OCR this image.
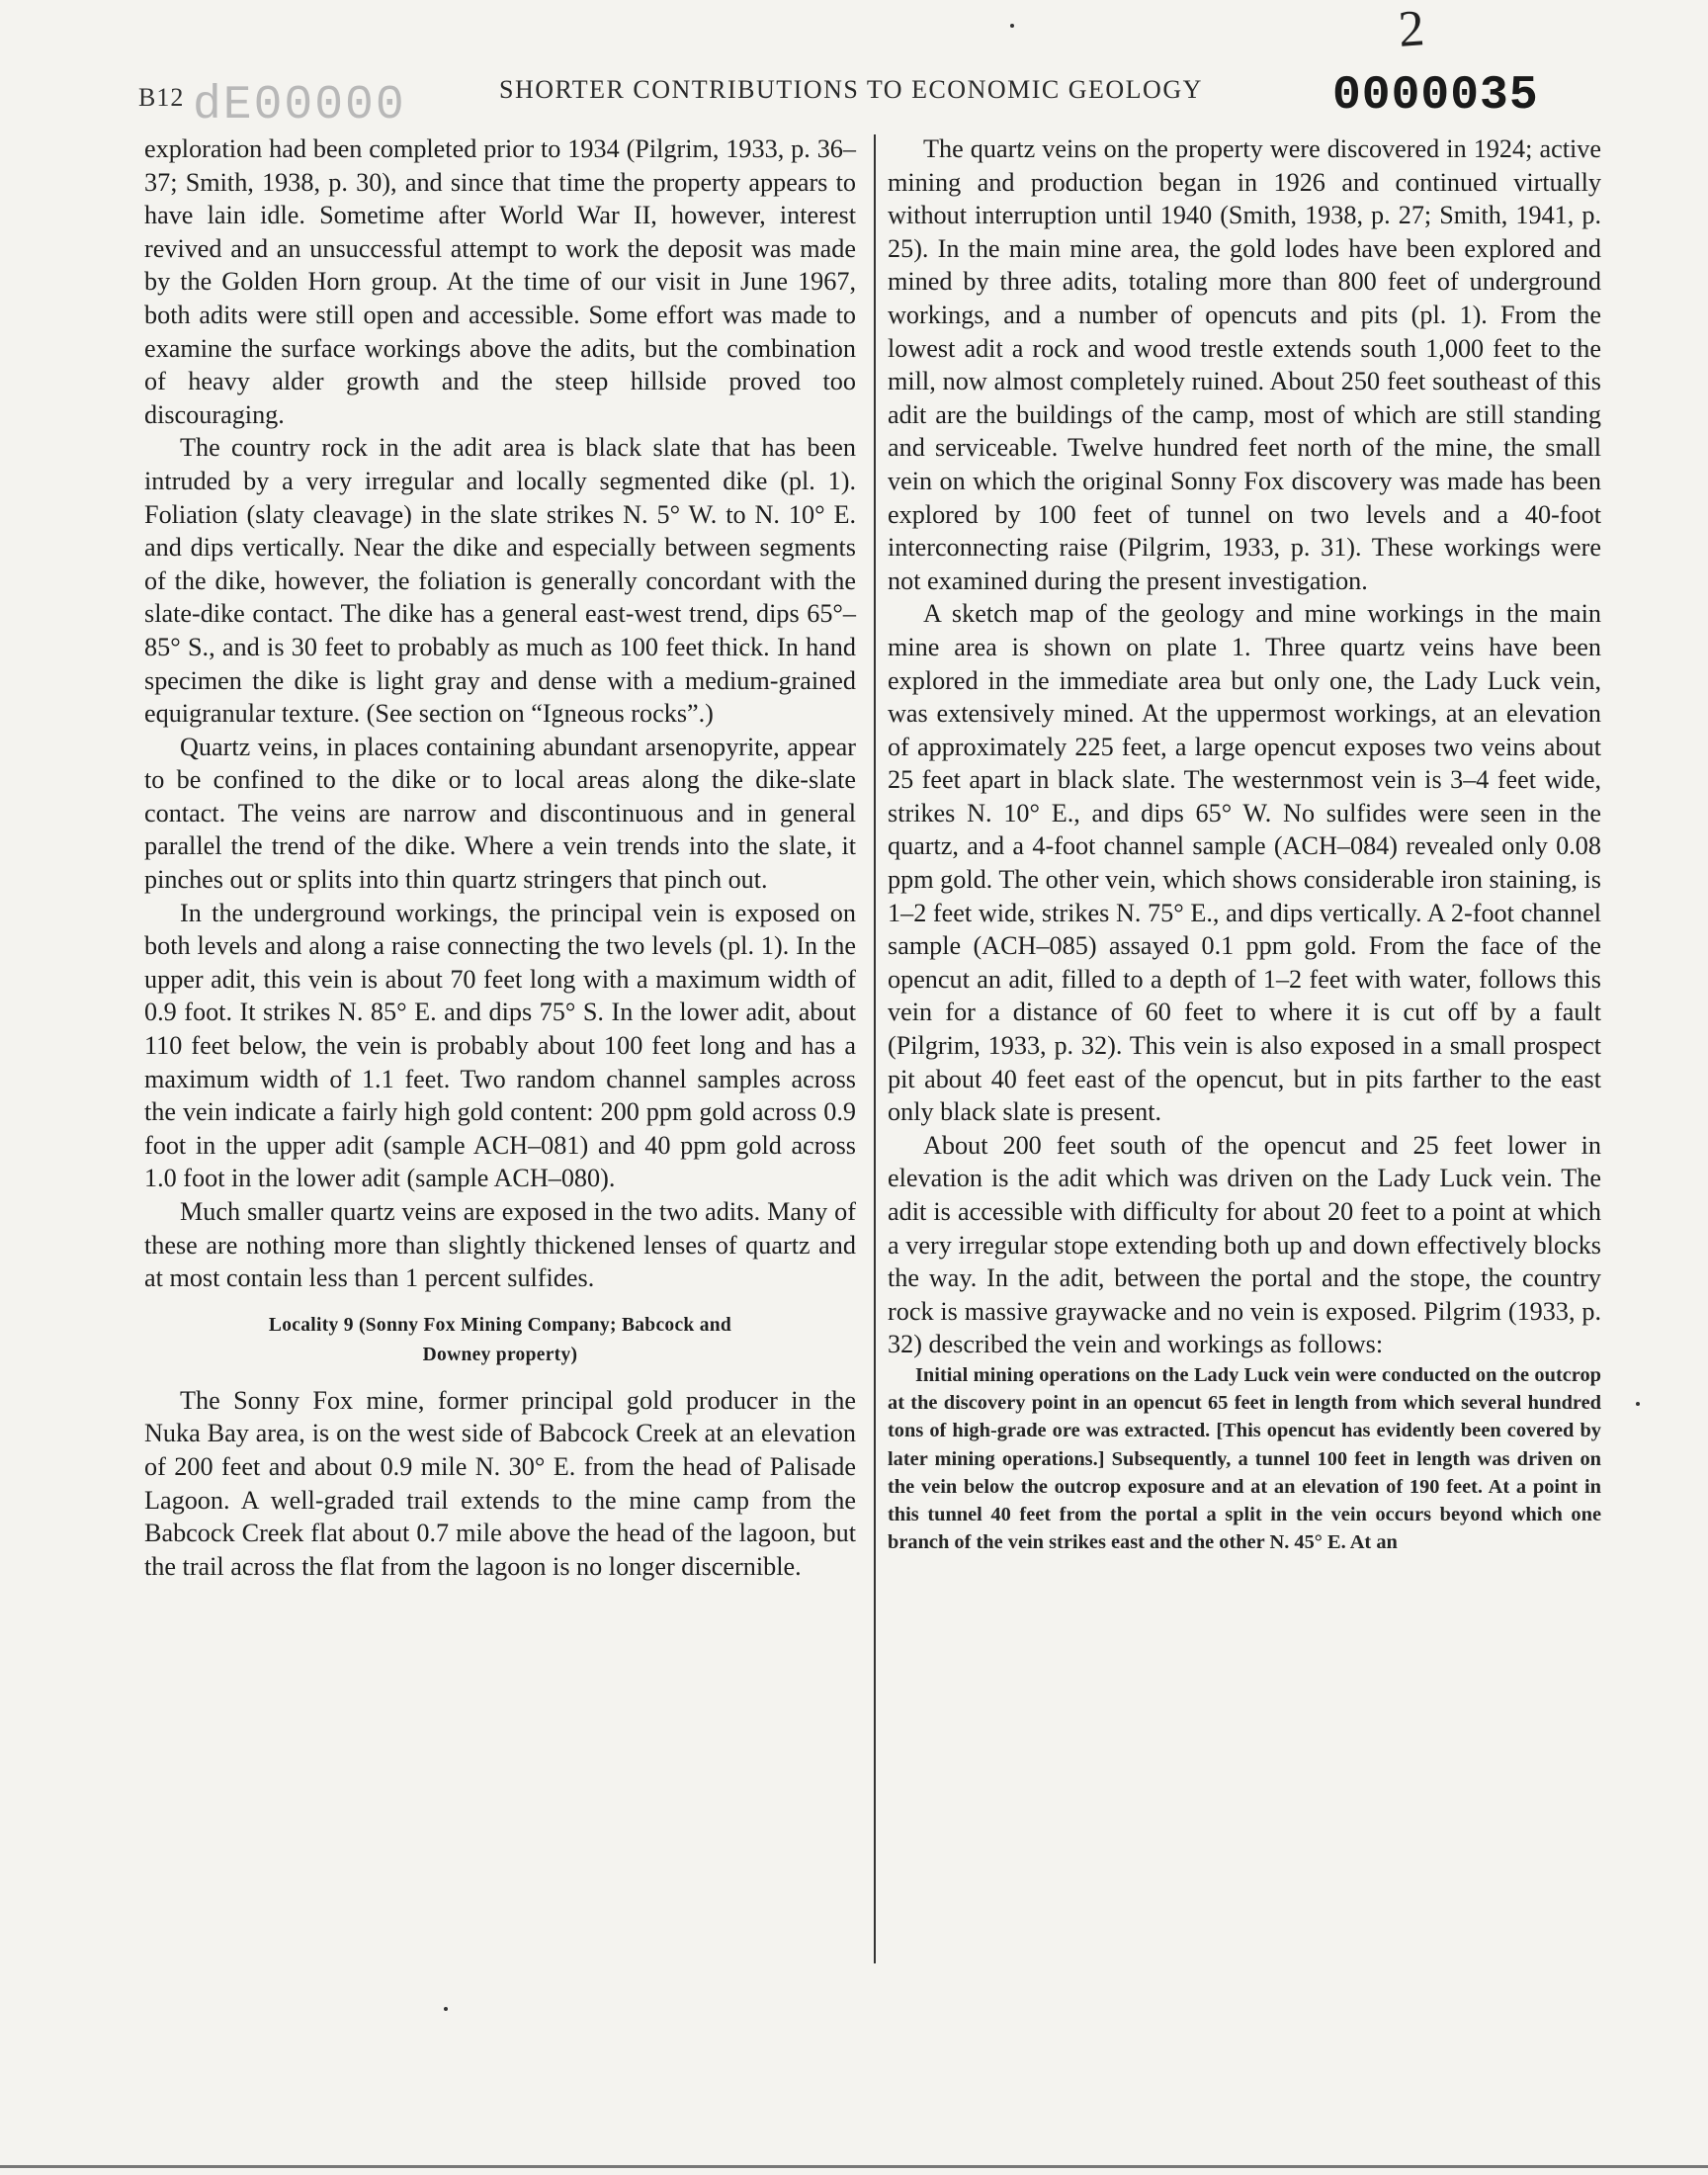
2
B12 dE00000	SHORTER CONTRIBUTIONS TO ECONOMIC GEOLOGY	0000035

exploration had been completed prior to 1934 (Pilgrim, 1933, p. 36–37; Smith, 1938, p. 30), and since that time the property appears to have lain idle. Sometime after World War II, however, interest revived and an unsuccessful attempt to work the deposit was made by the Golden Horn group. At the time of our visit in June 1967, both adits were still open and accessible. Some effort was made to examine the surface workings above the adits, but the combination of heavy alder growth and the steep hillside proved too discouraging.

The country rock in the adit area is black slate that has been intruded by a very irregular and locally segmented dike (pl. 1). Foliation (slaty cleavage) in the slate strikes N. 5° W. to N. 10° E. and dips vertically. Near the dike and especially between segments of the dike, however, the foliation is generally concordant with the slate-dike contact. The dike has a general east-west trend, dips 65°–85° S., and is 30 feet to probably as much as 100 feet thick. In hand specimen the dike is light gray and dense with a medium-grained equigranular texture. (See section on “Igneous rocks”.)

Quartz veins, in places containing abundant arsenopyrite, appear to be confined to the dike or to local areas along the dike-slate contact. The veins are narrow and discontinuous and in general parallel the trend of the dike. Where a vein trends into the slate, it pinches out or splits into thin quartz stringers that pinch out.

In the underground workings, the principal vein is exposed on both levels and along a raise connecting the two levels (pl. 1). In the upper adit, this vein is about 70 feet long with a maximum width of 0.9 foot. It strikes N. 85° E. and dips 75° S. In the lower adit, about 110 feet below, the vein is probably about 100 feet long and has a maximum width of 1.1 feet. Two random channel samples across the vein indicate a fairly high gold content: 200 ppm gold across 0.9 foot in the upper adit (sample ACH–081) and 40 ppm gold across 1.0 foot in the lower adit (sample ACH–080).

Much smaller quartz veins are exposed in the two adits. Many of these are nothing more than slightly thickened lenses of quartz and at most contain less than 1 percent sulfides.

Locality 9 (Sonny Fox Mining Company; Babcock and
Downey property)

The Sonny Fox mine, former principal gold producer in the Nuka Bay area, is on the west side of Babcock Creek at an elevation of 200 feet and about 0.9 mile N. 30° E. from the head of Palisade Lagoon. A well-graded trail extends to the mine camp from the Babcock Creek flat about 0.7 mile above the head of the lagoon, but the trail across the flat from the lagoon is no longer discernible.

The quartz veins on the property were discovered in 1924; active mining and production began in 1926 and continued virtually without interruption until 1940 (Smith, 1938, p. 27; Smith, 1941, p. 25). In the main mine area, the gold lodes have been explored and mined by three adits, totaling more than 800 feet of underground workings, and a number of opencuts and pits (pl. 1). From the lowest adit a rock and wood trestle extends south 1,000 feet to the mill, now almost completely ruined. About 250 feet southeast of this adit are the buildings of the camp, most of which are still standing and serviceable. Twelve hundred feet north of the mine, the small vein on which the original Sonny Fox discovery was made has been explored by 100 feet of tunnel on two levels and a 40-foot interconnecting raise (Pilgrim, 1933, p. 31). These workings were not examined during the present investigation.

A sketch map of the geology and mine workings in the main mine area is shown on plate 1. Three quartz veins have been explored in the immediate area but only one, the Lady Luck vein, was extensively mined. At the uppermost workings, at an elevation of approximately 225 feet, a large opencut exposes two veins about 25 feet apart in black slate. The westernmost vein is 3–4 feet wide, strikes N. 10° E., and dips 65° W. No sulfides were seen in the quartz, and a 4-foot channel sample (ACH–084) revealed only 0.08 ppm gold. The other vein, which shows considerable iron staining, is 1–2 feet wide, strikes N. 75° E., and dips vertically. A 2-foot channel sample (ACH–085) assayed 0.1 ppm gold. From the face of the opencut an adit, filled to a depth of 1–2 feet with water, follows this vein for a distance of 60 feet to where it is cut off by a fault (Pilgrim, 1933, p. 32). This vein is also exposed in a small prospect pit about 40 feet east of the opencut, but in pits farther to the east only black slate is present.

About 200 feet south of the opencut and 25 feet lower in elevation is the adit which was driven on the Lady Luck vein. The adit is accessible with difficulty for about 20 feet to a point at which a very irregular stope extending both up and down effectively blocks the way. In the adit, between the portal and the stope, the country rock is massive graywacke and no vein is exposed. Pilgrim (1933, p. 32) described the vein and workings as follows:

Initial mining operations on the Lady Luck vein were conducted on the outcrop at the discovery point in an opencut 65 feet in length from which several hundred tons of high-grade ore was extracted. [This opencut has evidently been covered by later mining operations.] Subsequently, a tunnel 100 feet in length was driven on the vein below the outcrop exposure and at an elevation of 190 feet. At a point in this tunnel 40 feet from the portal a split in the vein occurs beyond which one branch of the vein strikes east and the other N. 45° E. At an
